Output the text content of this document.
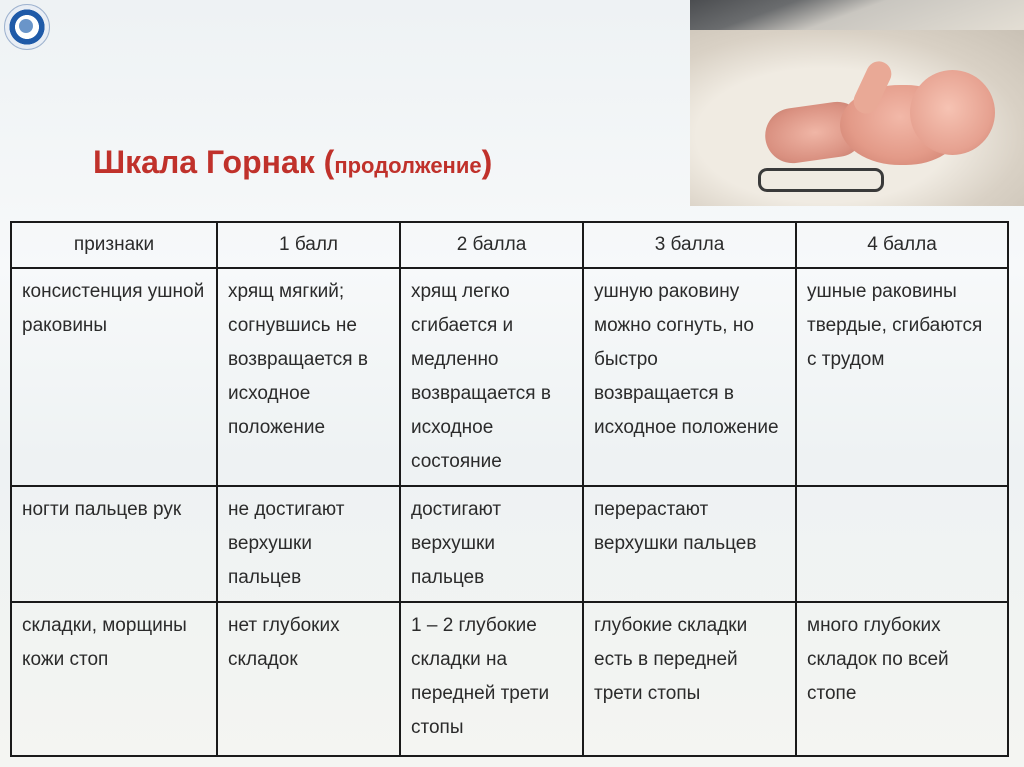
Шкала Горнак (продолжение)
признаки	1 балл	2 балла	3 балла	4 балла
консистенция ушной раковины	хрящ мягкий; согнувшись не возвращается в исходное положение	хрящ легко сгибается и медленно возвращается в исходное состояние	ушную раковину можно согнуть, но быстро возвращается в исходное положение	ушные раковины твердые, сгибаются с трудом
ногти пальцев рук	не достигают верхушки пальцев	достигают верхушки пальцев	перерастают верхушки пальцев	
складки, морщины кожи стоп	нет глубоких складок	1 – 2 глубокие складки на передней трети стопы	глубокие складки есть в передней трети стопы	много глубоких складок по всей стопе
